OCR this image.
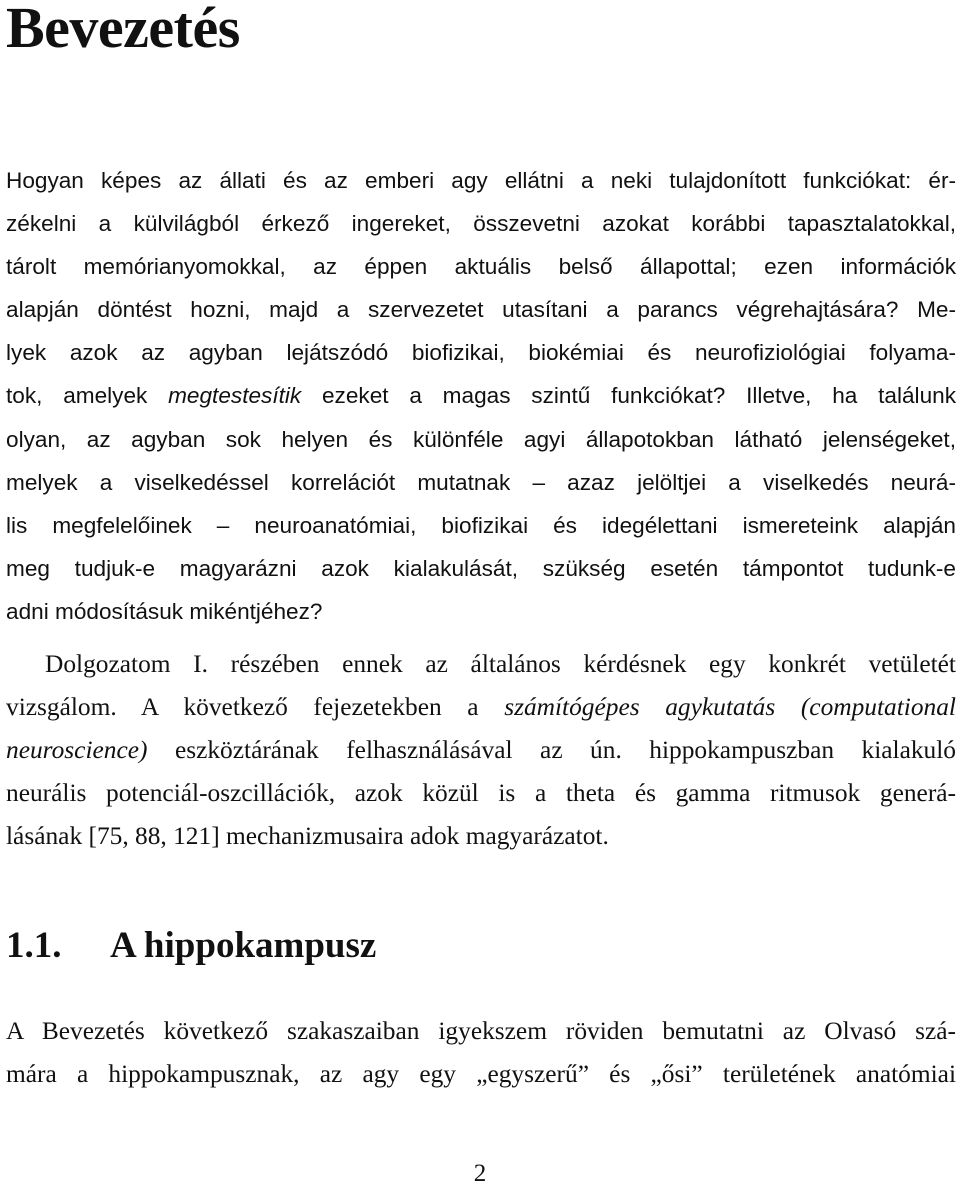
Bevezetés
Hogyan képes az állati és az emberi agy ellátni a neki tulajdonított funkciókat: ér-
zékelni a külvilágból érkező ingereket, összevetni azokat korábbi tapasztalatokkal,
tárolt memórianyomokkal, az éppen aktuális belső állapottal; ezen információk
alapján döntést hozni, majd a szervezetet utasítani a parancs végrehajtására? Me-
lyek azok az agyban lejátszódó biofizikai, biokémiai és neurofiziológiai folyama-
tok, amelyek megtestesítik ezeket a magas szintű funkciókat? Illetve, ha találunk
olyan, az agyban sok helyen és különféle agyi állapotokban látható jelenségeket,
melyek a viselkedéssel korrelációt mutatnak – azaz jelöltjei a viselkedés neurá-
lis megfelelőinek – neuroanatómiai, biofizikai és idegélettani ismereteink alapján
meg tudjuk-e magyarázni azok kialakulását, szükség esetén támpontot tudunk-e
adni módosításuk mikéntjéhez?
Dolgozatom I. részében ennek az általános kérdésnek egy konkrét vetületét
vizsgálom. A következő fejezetekben a számítógépes agykutatás (computational
neuroscience) eszköztárának felhasználásával az ún. hippokampuszban kialakuló
neurális potenciál-oszcillációk, azok közül is a theta és gamma ritmusok generá-
lásának [75, 88, 121] mechanizmusaira adok magyarázatot.
1.1. A hippokampusz
A Bevezetés következő szakaszaiban igyekszem röviden bemutatni az Olvasó szá-
mára a hippokampusznak, az agy egy „egyszerű” és „ősi” területének anatómiai
2
